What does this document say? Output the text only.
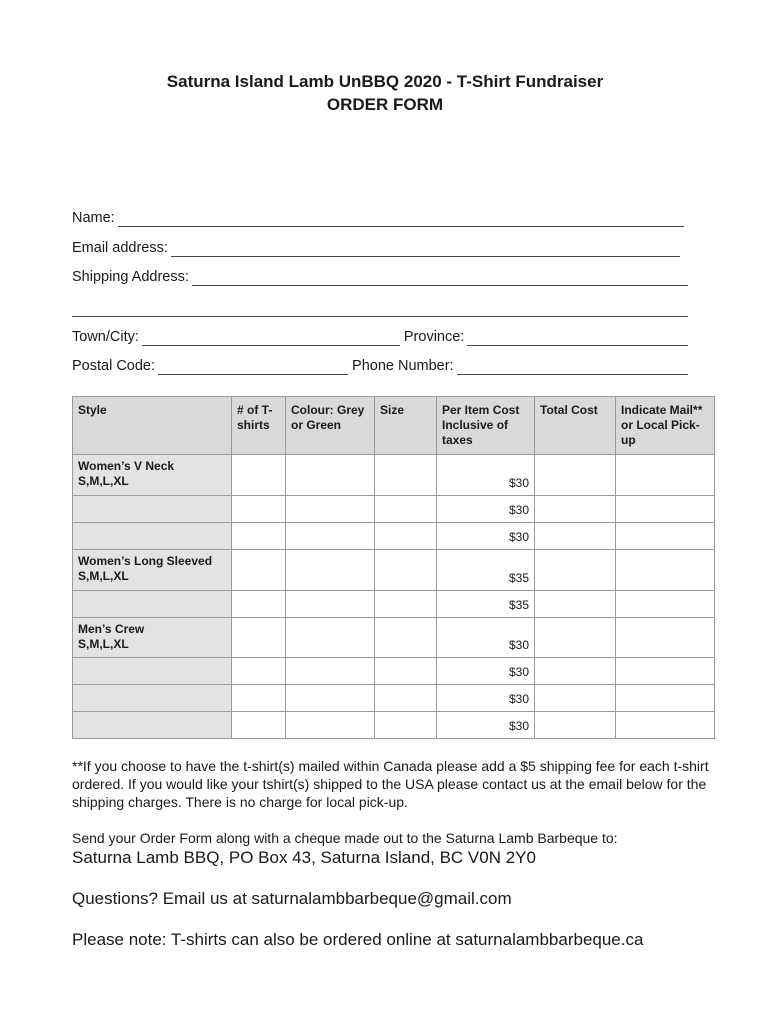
Saturna Island Lamb UnBBQ 2020 - T-Shirt Fundraiser
ORDER FORM
Name:
Email address:
Shipping Address:
Town/City:	Province:
Postal Code:	Phone Number:
Style	# of T-shirts	Colour: Grey or Green	Size	Per Item Cost Inclusive of taxes	Total Cost	Indicate Mail** or Local Pick-up

Women’s V Neck
S,M,L,XL				$30		
				$30		
				$30		

Women’s Long Sleeved
S,M,L,XL				$35		
				$35		

Men’s Crew
S,M,L,XL				$30		
				$30		
				$30		
				$30		
**If you choose to have the t-shirt(s) mailed within Canada please add a $5 shipping fee for each t-shirt ordered. If you would like your tshirt(s) shipped to the USA please contact us at the email below for the shipping charges. There is no charge for local pick-up.
Send your Order Form along with a cheque made out to the Saturna Lamb Barbeque to:
Saturna Lamb BBQ, PO Box 43, Saturna Island, BC V0N 2Y0
Questions? Email us at saturnalambbarbeque@gmail.com
Please note: T-shirts can also be ordered online at saturnalambbarbeque.ca
